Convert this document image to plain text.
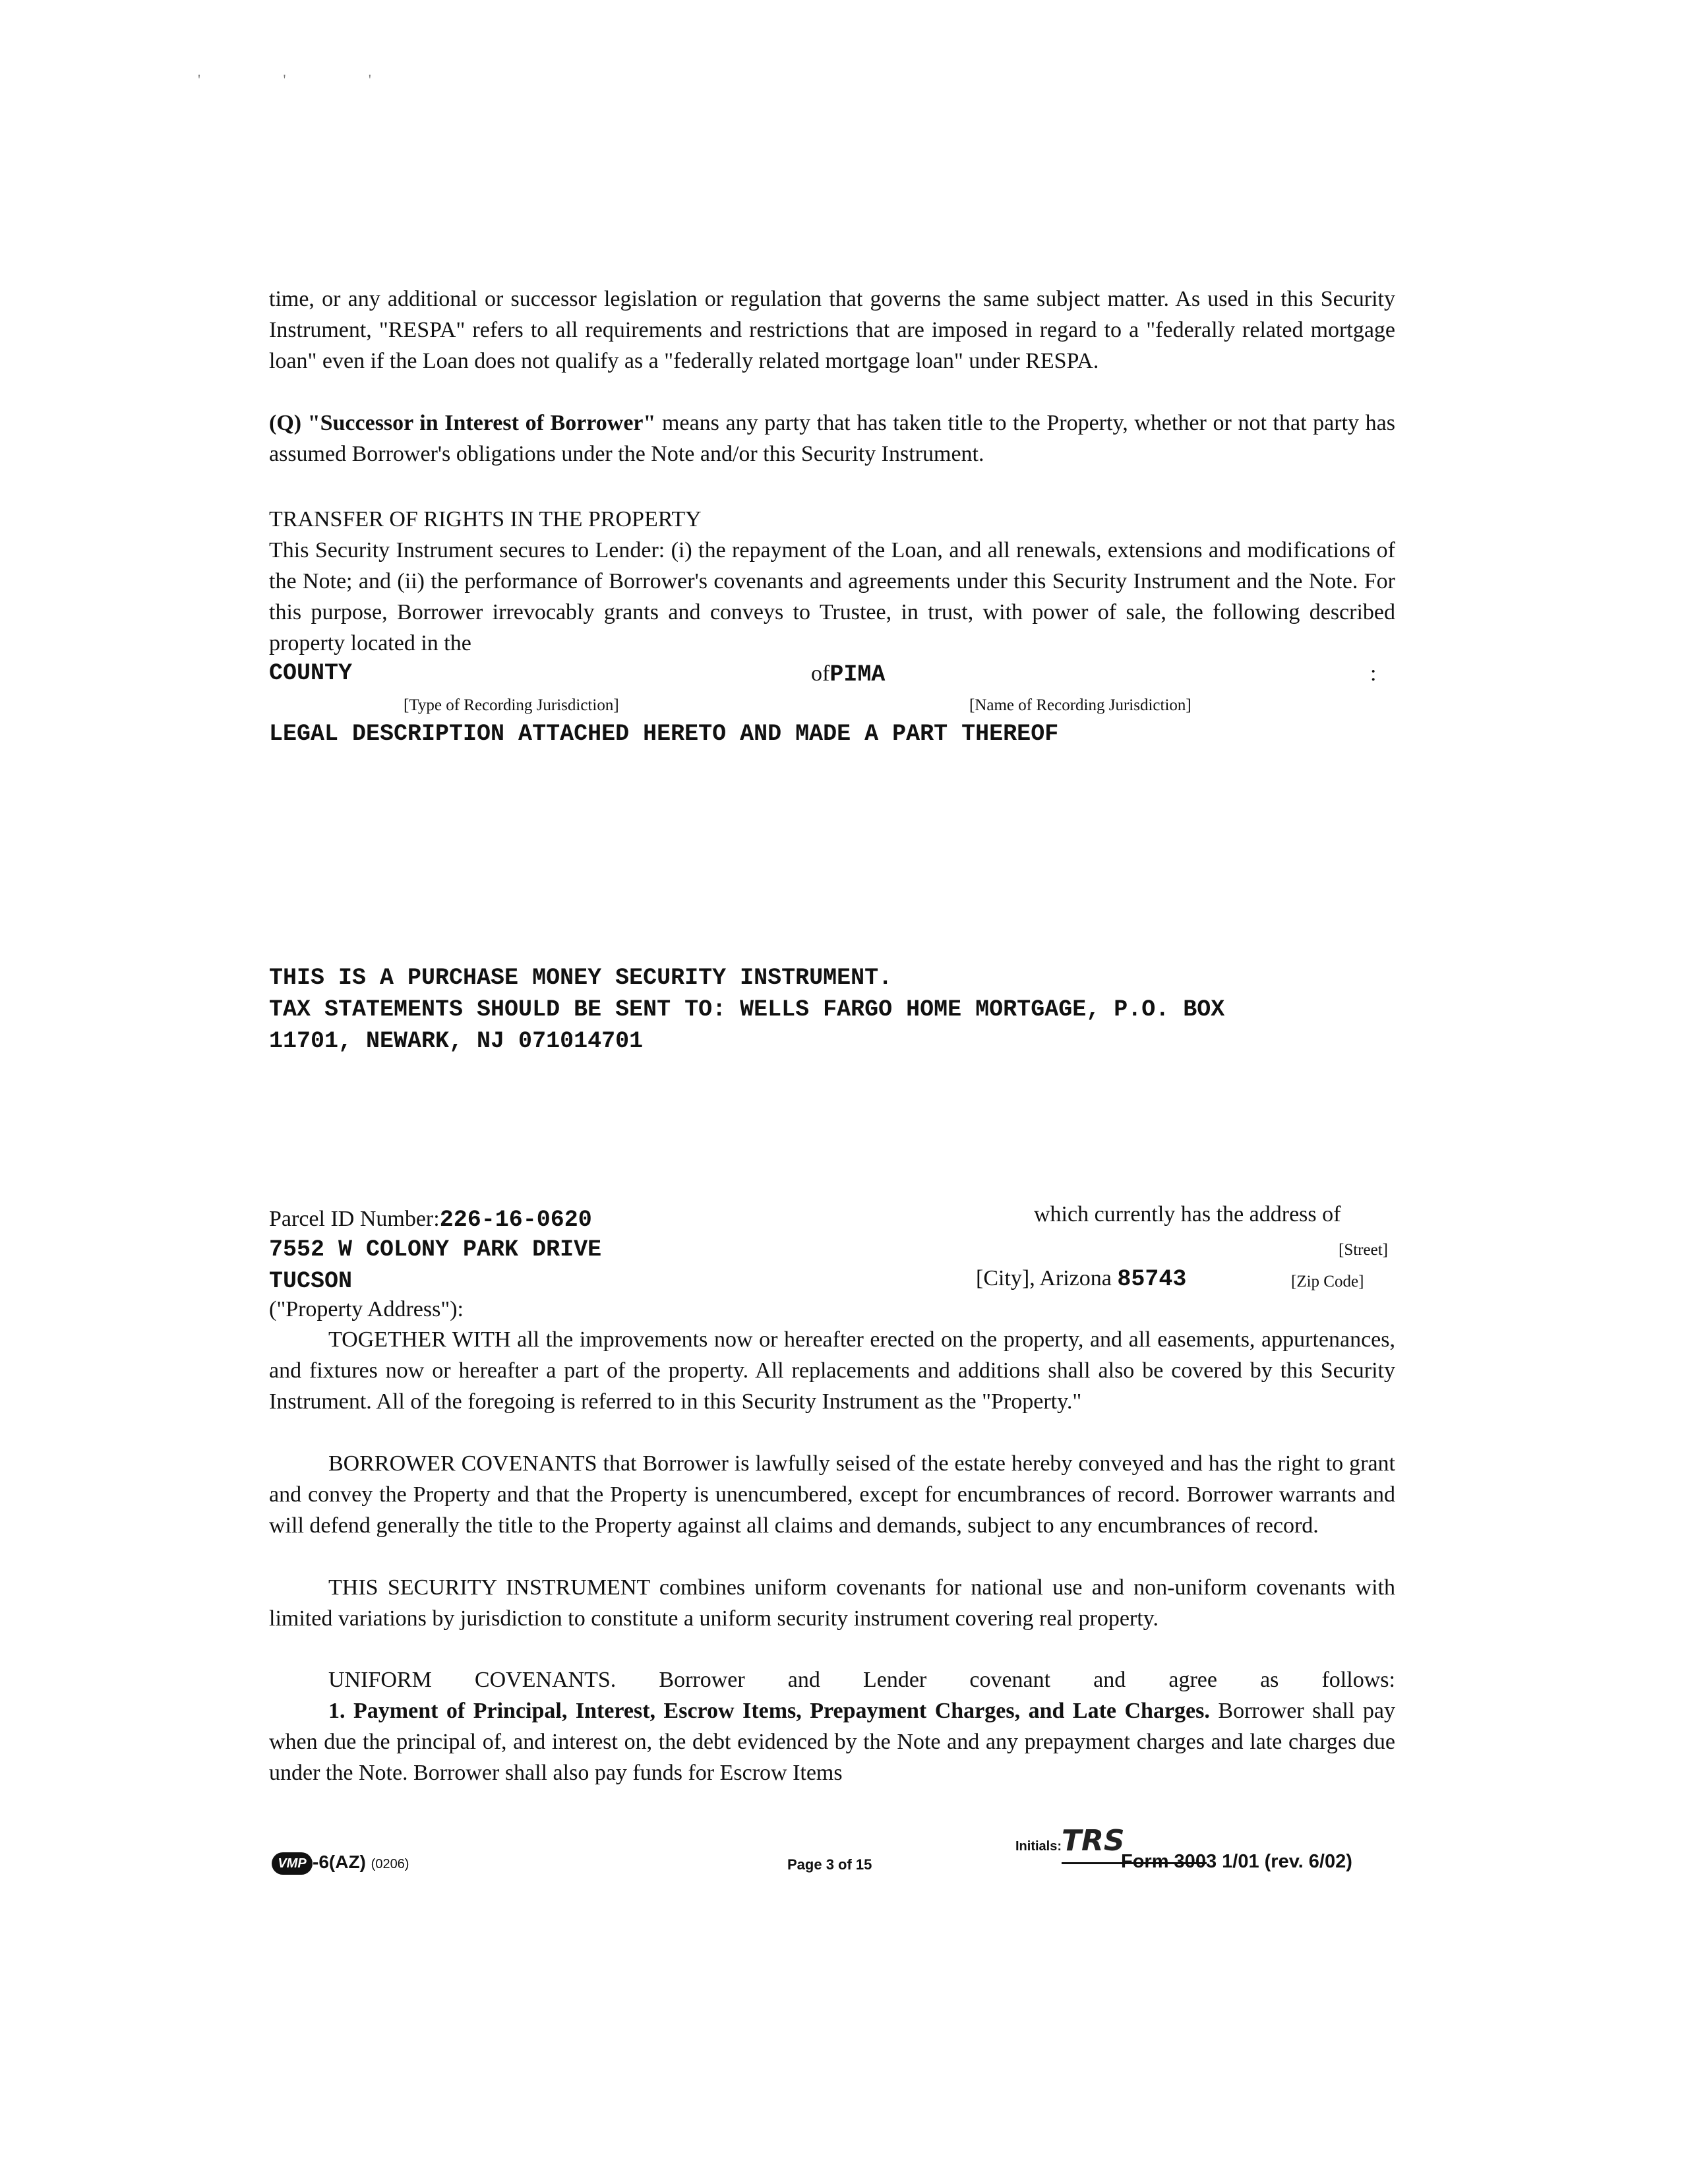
' ' '
time, or any additional or successor legislation or regulation that governs the same subject matter. As used in this Security Instrument, "RESPA" refers to all requirements and restrictions that are imposed in regard to a "federally related mortgage loan" even if the Loan does not qualify as a "federally related mortgage loan" under RESPA.
(Q) "Successor in Interest of Borrower" means any party that has taken title to the Property, whether or not that party has assumed Borrower's obligations under the Note and/or this Security Instrument.
TRANSFER OF RIGHTS IN THE PROPERTY
This Security Instrument secures to Lender: (i) the repayment of the Loan, and all renewals, extensions and modifications of the Note; and (ii) the performance of Borrower's covenants and agreements under this Security Instrument and the Note. For this purpose, Borrower irrevocably grants and conveys to Trustee, in trust, with power of sale, the following described property located in the
COUNTY	ofPIMA	:
[Type of Recording Jurisdiction]	[Name of Recording Jurisdiction]
LEGAL DESCRIPTION ATTACHED HERETO AND MADE A PART THEREOF
THIS IS A PURCHASE MONEY SECURITY INSTRUMENT.
TAX STATEMENTS SHOULD BE SENT TO: WELLS FARGO HOME MORTGAGE, P.O. BOX
11701, NEWARK, NJ 071014701
Parcel ID Number:226-16-0620	which currently has the address of
7552 W COLONY PARK DRIVE	[Street]
TUCSON	[City], Arizona 85743	[Zip Code]
("Property Address"):
TOGETHER WITH all the improvements now or hereafter erected on the property, and all easements, appurtenances, and fixtures now or hereafter a part of the property. All replacements and additions shall also be covered by this Security Instrument. All of the foregoing is referred to in this Security Instrument as the "Property."
BORROWER COVENANTS that Borrower is lawfully seised of the estate hereby conveyed and has the right to grant and convey the Property and that the Property is unencumbered, except for encumbrances of record. Borrower warrants and will defend generally the title to the Property against all claims and demands, subject to any encumbrances of record.
THIS SECURITY INSTRUMENT combines uniform covenants for national use and non-uniform covenants with limited variations by jurisdiction to constitute a uniform security instrument covering real property.
UNIFORM COVENANTS. Borrower and Lender covenant and agree as follows:
1. Payment of Principal, Interest, Escrow Items, Prepayment Charges, and Late Charges. Borrower shall pay when due the principal of, and interest on, the debt evidenced by the Note and any prepayment charges and late charges due under the Note. Borrower shall also pay funds for Escrow Items
VMP -6(AZ) (0206)	Page 3 of 15
Initials:TRS
Form 3003 1/01 (rev. 6/02)
